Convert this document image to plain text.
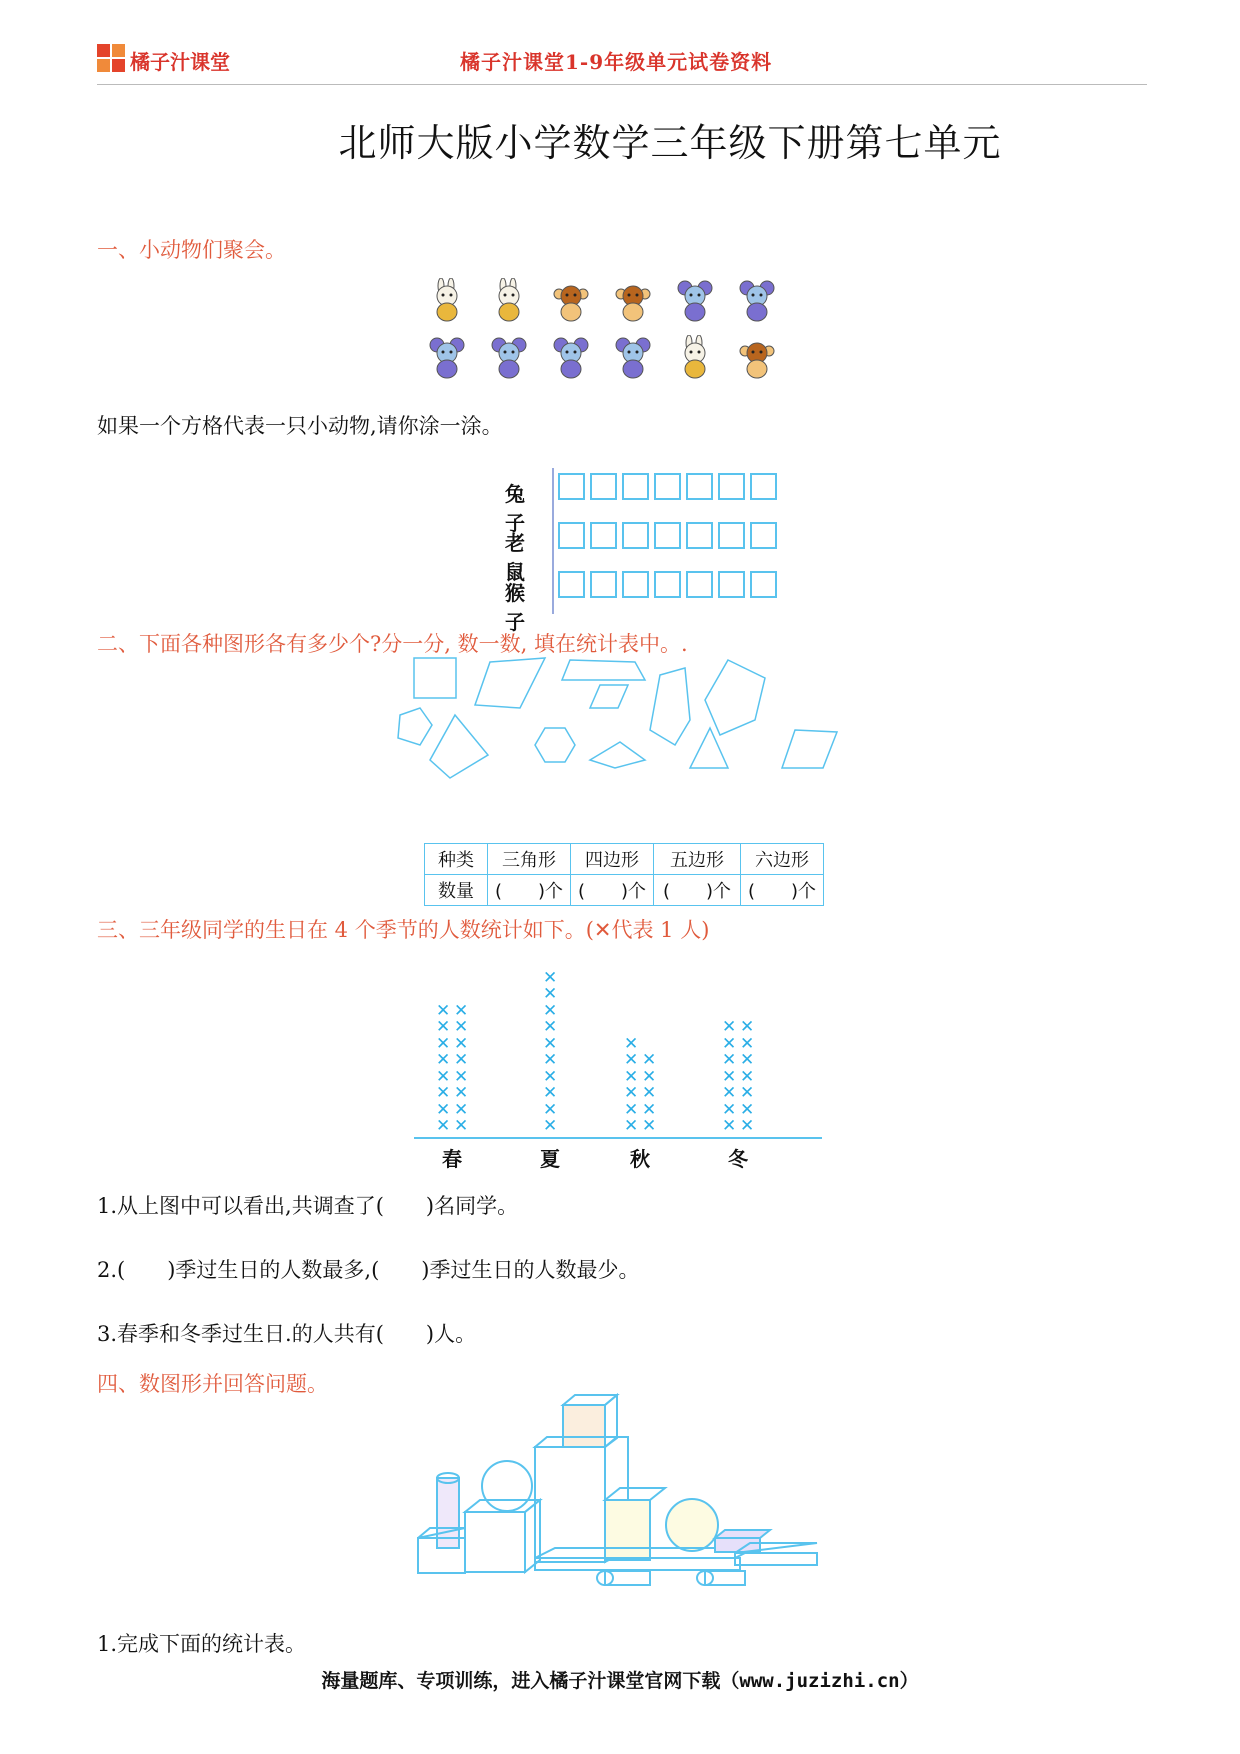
橘子汁课堂	橘子汁课堂1-9年级单元试卷资料
北师大版小学数学三年级下册第七单元
一、小动物们聚会。
如果一个方格代表一只小动物,请你涂一涂。
兔子
老鼠
猴子
二、下面各种图形各有多少个?分一分, 数一数, 填在统计表中。.
种类	三角形	四边形	五边形	六边形
数量	(　　)个	(　　)个	(　　)个	(　　)个
三、三年级同学的生日在 4 个季节的人数统计如下。(✕代表 1 人)
✕
✕
✕
✕
✕
✕
✕
✕
✕
✕
✕
✕
✕
✕
✕
✕
春
✕
✕
✕
✕
✕
✕
✕
✕
✕
✕
夏
✕
✕
✕
✕
✕
✕
✕
✕
✕
✕
✕
秋
✕
✕
✕
✕
✕
✕
✕
✕
✕
✕
✕
✕
✕
✕
冬
1.从上图中可以看出,共调查了(　　)名同学。
2.(　　)季过生日的人数最多,(　　)季过生日的人数最少。
3.春季和冬季过生日.的人共有(　　)人。
四、数图形并回答问题。
1.完成下面的统计表。
海量题库、专项训练，进入橘子汁课堂官网下载（www.juzizhi.cn）
